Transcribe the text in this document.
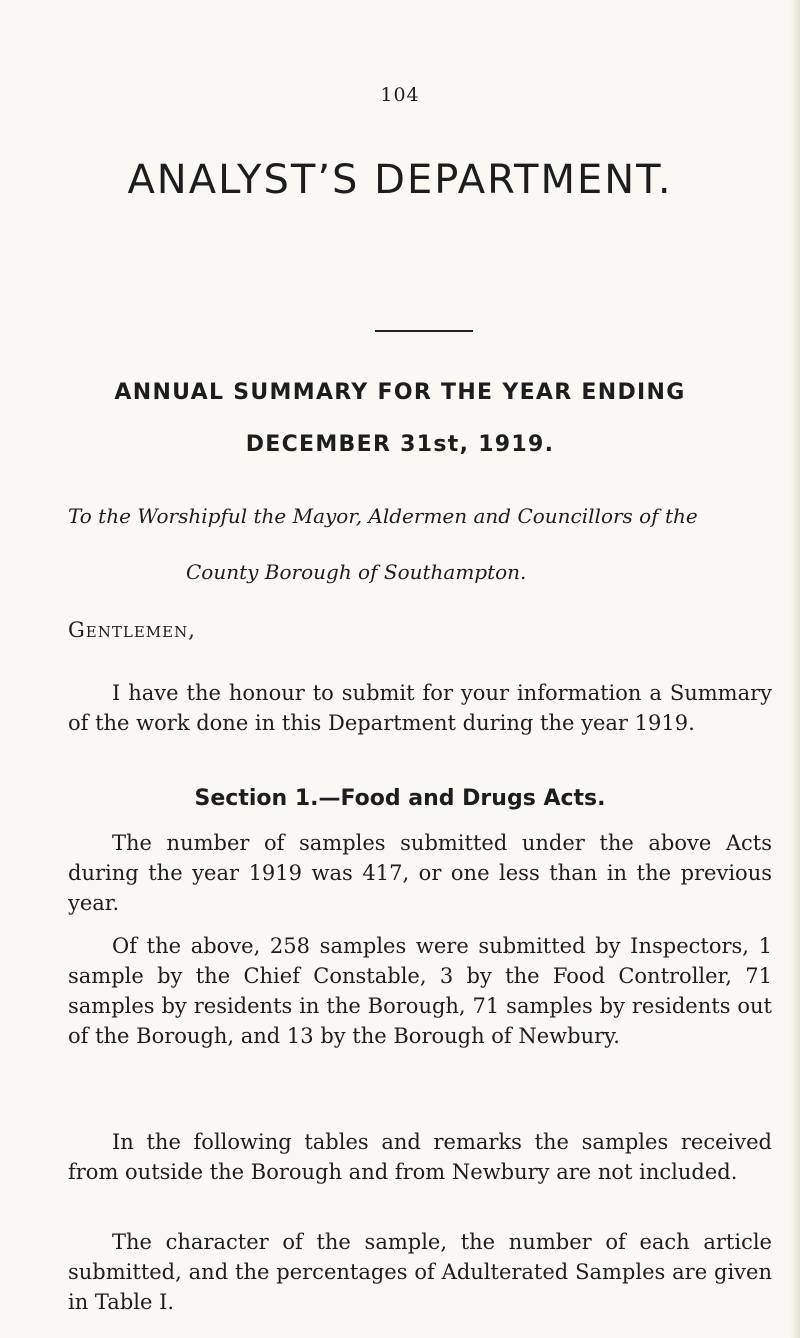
104
ANALYST’S DEPARTMENT.
ANNUAL SUMMARY FOR THE YEAR ENDING
DECEMBER 31st, 1919.
To the Worshipful the Mayor, Aldermen and Councillors of the
County Borough of Southampton.
Gentlemen,

I have the honour to submit for your information a Summary of the work done in this Department during the year 1919.

Section 1.—Food and Drugs Acts.

The number of samples submitted under the above Acts during the year 1919 was 417, or one less than in the previous year.

Of the above, 258 samples were submitted by Inspectors, 1 sample by the Chief Constable, 3 by the Food Controller, 71 samples by residents in the Borough, 71 samples by residents out of the Borough, and 13 by the Borough of Newbury.

In the following tables and remarks the samples received from outside the Borough and from Newbury are not included.

The character of the sample, the number of each article submitted, and the percentages of Adulterated Samples are given in Table I.
